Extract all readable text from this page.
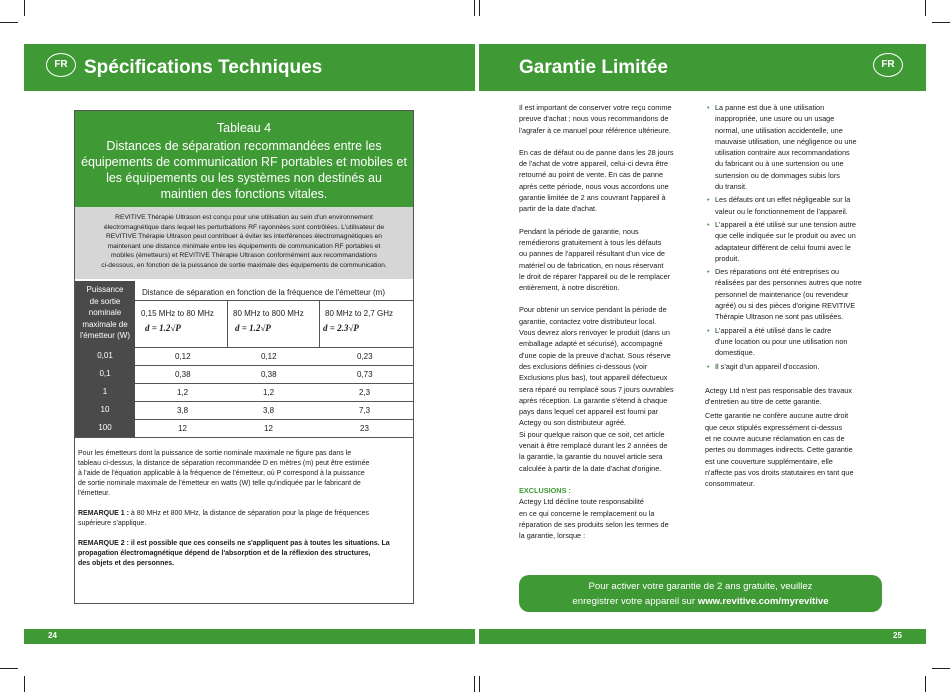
FR Spécifications Techniques	Garantie Limitée	FR
Tableau 4
Distances de séparation recommandées entre les équipements de communication RF portables et mobiles et les équipements ou les systèmes non destinés au maintien des fonctions vitales.
REVITIVE Thérapie Ultrason est conçu pour une utilisation au sein d'un environnement
électromagnétique dans lequel les perturbations RF rayonnées sont contrôlées. L'utilisateur de
REVITIVE Thérapie Ultrason peut contribuer à éviter les interférences électromagnétiques en
maintenant une distance minimale entre les équipements de communication RF portables et
mobiles (émetteurs) et REVITIVE Thérapie Ultrason conformément aux recommandations
ci-dessous, en fonction de la puissance de sortie maximale des équipements de communication.
Puissance
de sortie
nominale
maximale de
l'émetteur (W)
Distance de séparation en fonction de la fréquence de l'émetteur (m)
0,15 MHz to 80 MHz	80 MHz to 800 MHz	80 MHz to 2,7 GHz
d = 1.2√P	d = 1.2√P	d = 2.3√P
0,01	0,12	0,12	0,23
0,1	0,38	0,38	0,73
1	1,2	1,2	2,3
10	3,8	3,8	7,3
100	12	12	23

Pour les émetteurs dont la puissance de sortie nominale maximale ne figure pas dans le
tableau ci-dessus, la distance de séparation recommandée D en mètres (m) peut être estimée
à l'aide de l'équation applicable à la fréquence de l'émetteur, où P correspond à la puissance
de sortie nominale maximale de l'émetteur en watts (W) telle qu'indiquée par le fabricant de
l'émetteur.

REMARQUE 1 : à 80 MHz et 800 MHz, la distance de séparation pour la plage de fréquences
supérieure s'applique.

REMARQUE 2 : il est possible que ces conseils ne s'appliquent pas à toutes les situations. La
propagation électromagnétique dépend de l'absorption et de la réflexion des structures,
des objets et des personnes.

Il est important de conserver votre reçu comme
preuve d'achat ; nous vous recommandons de
l'agrafer à ce manuel pour référence ultérieure.

En cas de défaut ou de panne dans les 28 jours
de l'achat de votre appareil, celui-ci devra être
retourné au point de vente. En cas de panne
après cette période, nous vous accordons une
garantie limitée de 2 ans couvrant l'appareil à
partir de la date d'achat.

Pendant la période de garantie, nous
remédierons gratuitement à tous les défauts
ou pannes de l'appareil résultant d'un vice de
matériel ou de fabrication, en nous réservant
le droit de réparer l'appareil ou de le remplacer
entièrement, à notre discrétion.

Pour obtenir un service pendant la période de
garantie, contactez votre distributeur local.
Vous devrez alors renvoyer le produit (dans un
emballage adapté et sécurisé), accompagné
d'une copie de la preuve d'achat. Sous réserve
des exclusions définies ci-dessous (voir
Exclusions plus bas), tout appareil défectueux
sera réparé ou remplacé sous 7 jours ouvrables
après réception. La garantie s'étend à chaque
pays dans lequel cet appareil est fourni par
Actegy ou son distributeur agréé.
Si pour quelque raison que ce soit, cet article
venait à être remplacé durant les 2 années de
la garantie, la garantie du nouvel article sera
calculée à partir de la date d'achat d'origine.

EXCLUSIONS :
Actegy Ltd décline toute responsabilité
en ce qui concerne le remplacement ou la
réparation de ses produits selon les termes de
la garantie, lorsque :

• La panne est due à une utilisation
inappropriée, une usure ou un usage
normal, une utilisation accidentelle, une
mauvaise utilisation, une négligence ou une
utilisation contraire aux recommandations
du fabricant ou à une surtension ou une
surtension ou de dommages subis lors
du transit.
• Les défauts ont un effet négligeable sur la
valeur ou le fonctionnement de l'appareil.
• L'appareil a été utilisé sur une tension autre
que celle indiquée sur le produit ou avec un
adaptateur différent de celui fourni avec le
produit.
• Des réparations ont été entreprises ou
réalisées par des personnes autres que notre
personnel de maintenance (ou revendeur
agréé) ou si des pièces d'origine REVITIVE
Thérapie Ultrason ne sont pas utilisées.
• L'appareil a été utilisé dans le cadre
d'une location ou pour une utilisation non
domestique.
• Il s'agit d'un appareil d'occasion.

Actegy Ltd n'est pas responsable des travaux
d'entretien au titre de cette garantie.

Cette garantie ne confère aucune autre droit
que ceux stipulés expressément ci-dessus
et ne couvre aucune réclamation en cas de
pertes ou dommages indirects. Cette garantie
est une couverture supplémentaire, elle
n'affecte pas vos droits statutaires en tant que
consommateur.

Pour activer votre garantie de 2 ans gratuite, veuillez
enregistrer votre appareil sur www.revitive.com/myrevitive
24	25
